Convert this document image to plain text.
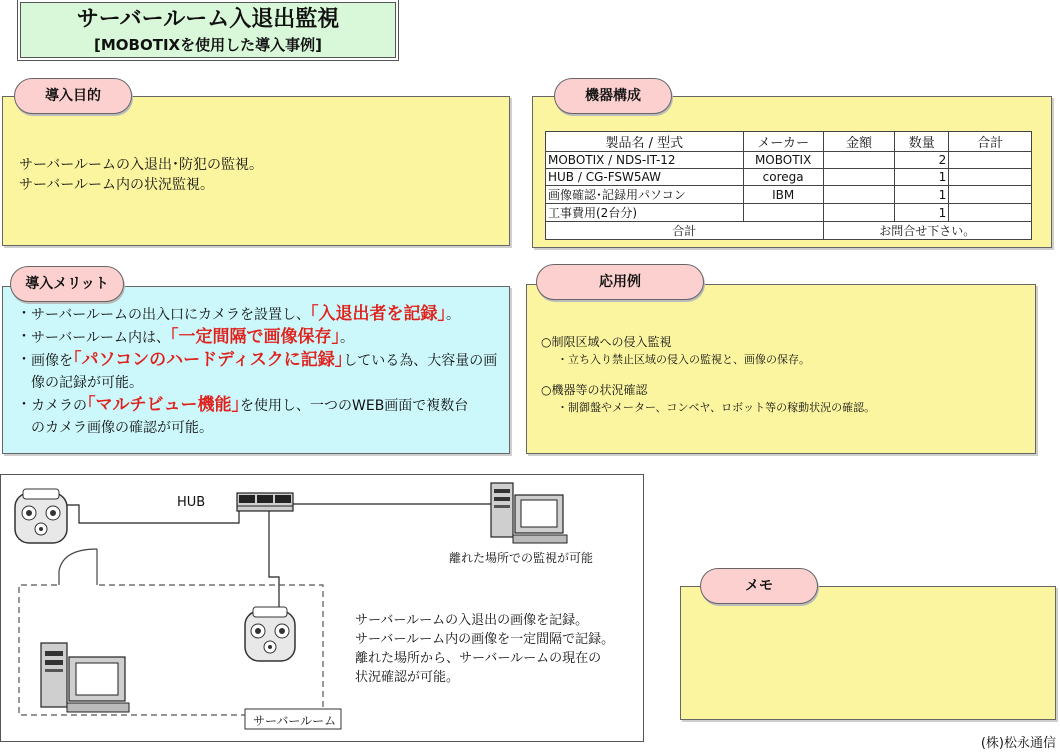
サーバールーム入退出監視
[MOBOTIXを使用した導入事例]
サーバールームの入退出･防犯の監視。
サーバールーム内の状況監視。
導入目的
製品名 / 型式	メーカー	金額	数量	合計
MOBOTIX / NDS-IT-12	MOBOTIX		2	
HUB / CG-FSW5AW	corega		1	
画像確認･記録用パソコン	IBM		1	
工事費用(2台分)			1	
合計		お問合せ下さい。		
機器構成
・ サーバールームの出入口にカメラを設置し、｢入退出者を記録｣。
・ サーバールーム内は、｢一定間隔で画像保存｣。
・ 画像を｢パソコンのハードディスクに記録｣している為、大容量の画像の記録が可能。
・ カメラの｢マルチビュー機能｣を使用し、一つのWEB画面で複数台のカメラ画像の確認が可能。
導入メリット
○制限区域への侵入監視
・立ち入り禁止区域の侵入の監視と、画像の保存。
○機器等の状況確認
・制御盤やメーター、コンベヤ、ロボット等の稼動状況の確認。
応用例
HUB
離れた場所での監視が可能
サーバールーム
サーバールームの入退出の画像を記録。
サーバールーム内の画像を一定間隔で記録。
離れた場所から、サーバールームの現在の
状況確認が可能。
メモ
(株)松永通信
